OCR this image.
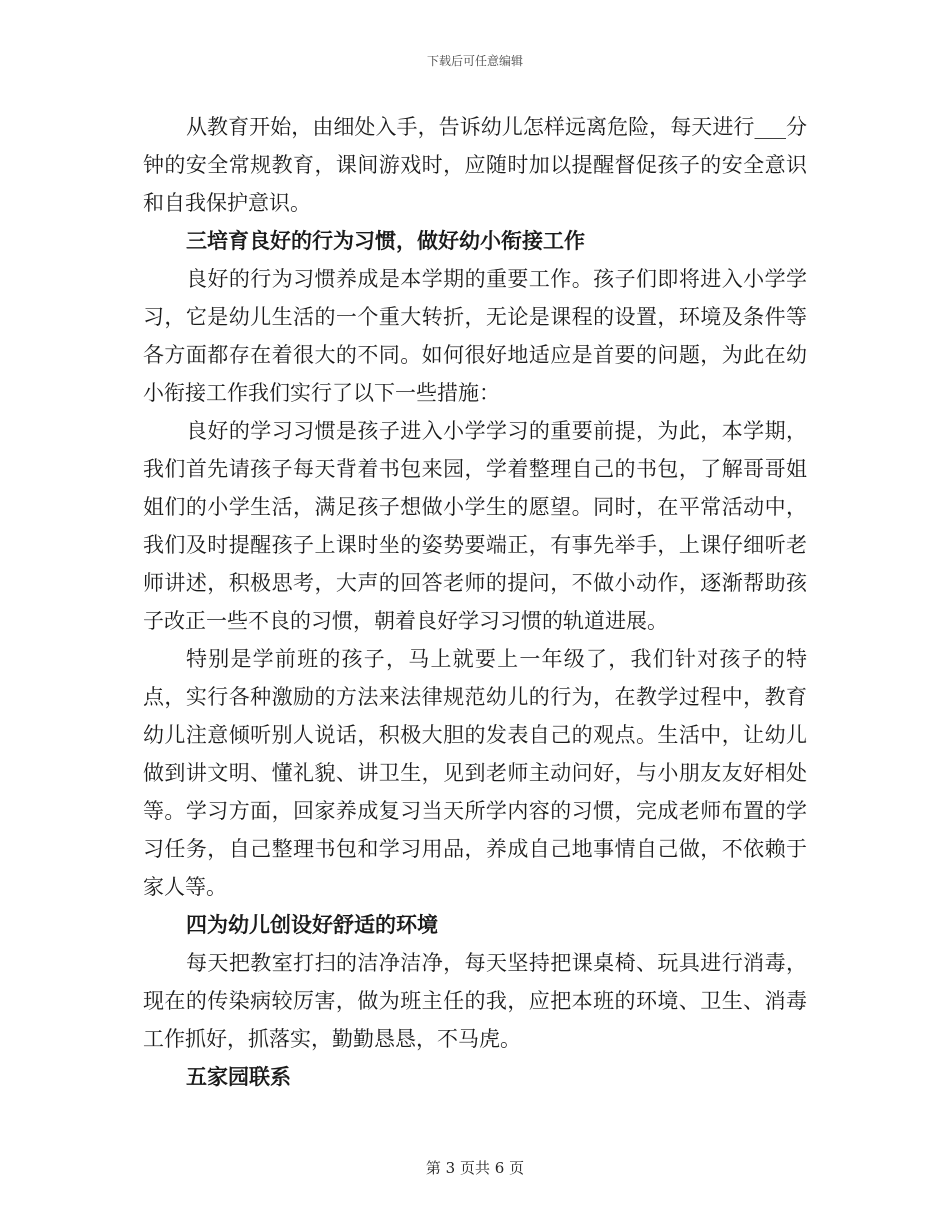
下载后可任意编辑

从教育开始，由细处入手，告诉幼儿怎样远离危险，每天进行___分钟的安全常规教育，课间游戏时，应随时加以提醒督促孩子的安全意识和自我保护意识。

三培育良好的行为习惯，做好幼小衔接工作

良好的行为习惯养成是本学期的重要工作。孩子们即将进入小学学习，它是幼儿生活的一个重大转折，无论是课程的设置，环境及条件等各方面都存在着很大的不同。如何很好地适应是首要的问题，为此在幼小衔接工作我们实行了以下一些措施：

良好的学习习惯是孩子进入小学学习的重要前提，为此，本学期，我们首先请孩子每天背着书包来园，学着整理自己的书包，了解哥哥姐姐们的小学生活，满足孩子想做小学生的愿望。同时，在平常活动中，我们及时提醒孩子上课时坐的姿势要端正，有事先举手，上课仔细听老师讲述，积极思考，大声的回答老师的提问，不做小动作，逐渐帮助孩子改正一些不良的习惯，朝着良好学习习惯的轨道进展。

特别是学前班的孩子，马上就要上一年级了，我们针对孩子的特点，实行各种激励的方法来法律规范幼儿的行为，在教学过程中，教育幼儿注意倾听别人说话，积极大胆的发表自己的观点。生活中，让幼儿做到讲文明、懂礼貌、讲卫生，见到老师主动问好，与小朋友友好相处等。学习方面，回家养成复习当天所学内容的习惯，完成老师布置的学习任务，自己整理书包和学习用品，养成自己地事情自己做，不依赖于家人等。

四为幼儿创设好舒适的环境

每天把教室打扫的洁净洁净，每天坚持把课桌椅、玩具进行消毒，现在的传染病较厉害，做为班主任的我，应把本班的环境、卫生、消毒工作抓好，抓落实，勤勤恳恳，不马虎。

五家园联系

第 3 页共 6 页
